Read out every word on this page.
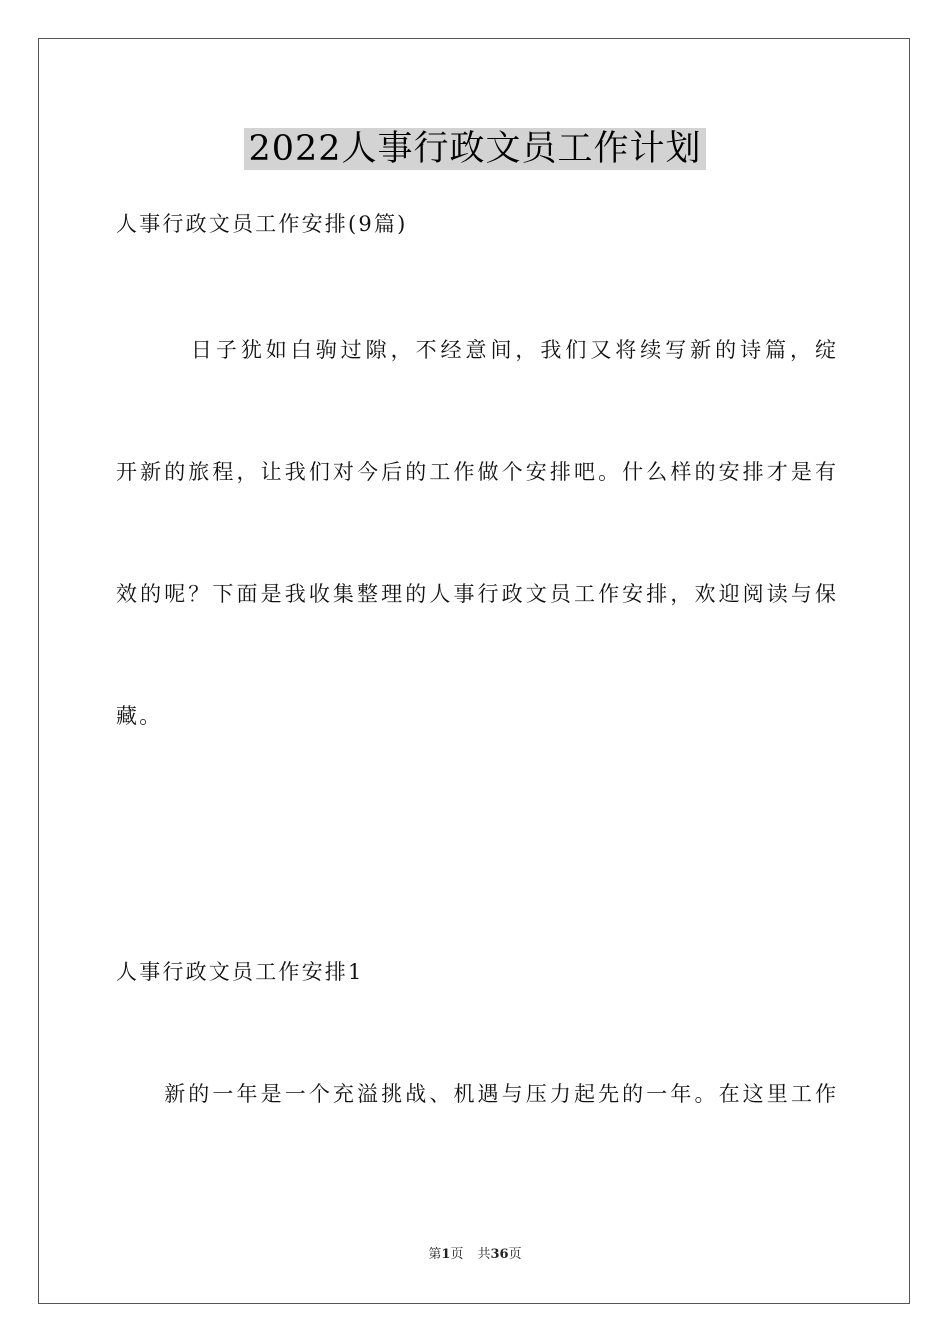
2022人事行政文员工作计划

人事行政文员工作安排(9篇)

　　　日子犹如白驹过隙，不经意间，我们又将续写新的诗篇，绽

开新的旅程，让我们对今后的工作做个安排吧。什么样的安排才是有

效的呢？下面是我收集整理的人事行政文员工作安排，欢迎阅读与保

藏。

人事行政文员工作安排1

　　新的一年是一个充溢挑战、机遇与压力起先的一年。在这里工作

第1页 共36页
